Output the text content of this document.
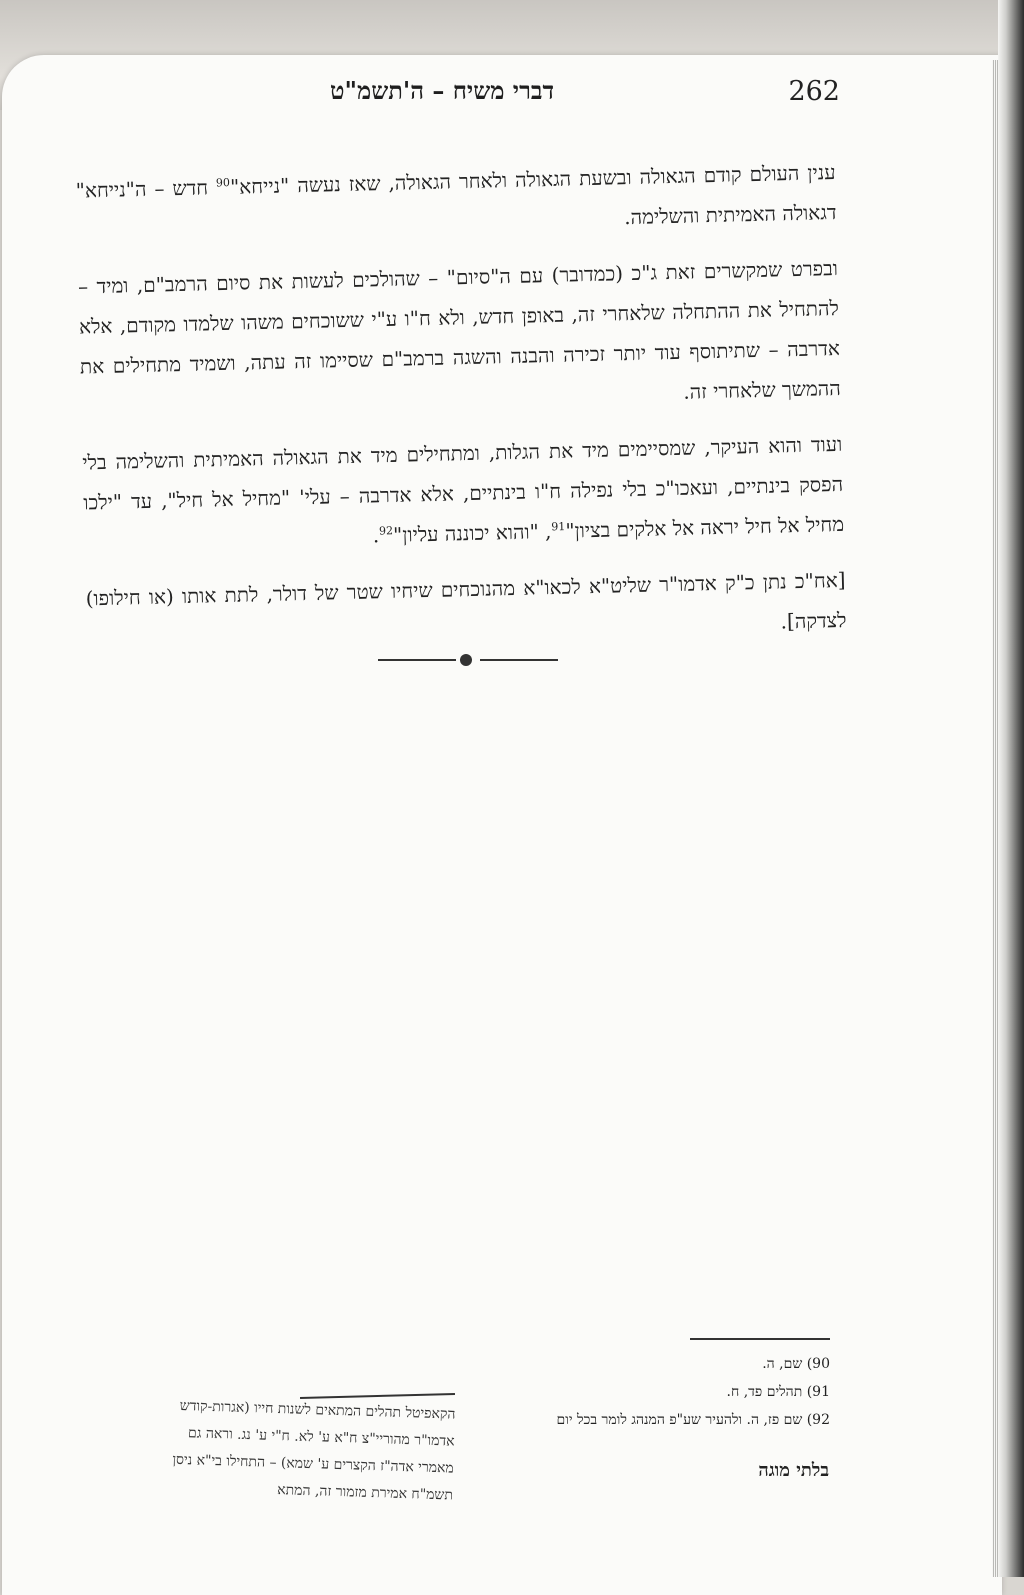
דברי משיח – ה'תשמ"ט	262

ענין העולם קודם הגאולה ובשעת הגאולה ולאחר הגאולה, שאז נעשה "נייחא"$^{90}$ חדש – ה"נייחא" דגאולה האמיתית והשלימה.

ובפרט שמקשרים זאת ג"כ (כמדובר) עם ה"סיום" – שהולכים לעשות את סיום הרמב"ם, ומיד – להתחיל את ההתחלה שלאחרי זה, באופן חדש, ולא ח"ו ע"י ששוכחים משהו שלמדו מקודם, אלא אדרבה – שתיתוסף עוד יותר זכירה והבנה והשגה ברמב"ם שסיימו זה עתה, ושמיד מתחילים את ההמשך שלאחרי זה.

ועוד והוא העיקר, שמסיימים מיד את הגלות, ומתחילים מיד את הגאולה האמיתית והשלימה בלי הפסק בינתיים, ועאכו"כ בלי נפילה ח"ו בינתיים, אלא אדרבה – עלי' "מחיל אל חיל", עד "ילכו מחיל אל חיל יראה אל אלקים בציון"$^{91}$, "והוא יכוננה עליון"$^{92}$.

[אח"כ נתן כ"ק אדמו"ר שליט"א לכאו"א מהנוכחים שיחיו שטר של דולר, לתת אותו (או חילופו) לצדקה].

90) שם, ה.
91) תהלים פד, ח.
92) שם פז, ה. ולהעיר שע"פ המנהג לומר בכל יום
בלתי מוגה
הקאפיטל תהלים המתאים לשנות חייו (אגרות-קודש
אדמו"ר מהוריי"צ ח"א ע' לא. ח"י ע' נג. וראה גם
מאמרי אדה"ז הקצרים ע' שמא) – התחילו בי"א ניסן
תשמ"ח אמירת מזמור זה, המתא
